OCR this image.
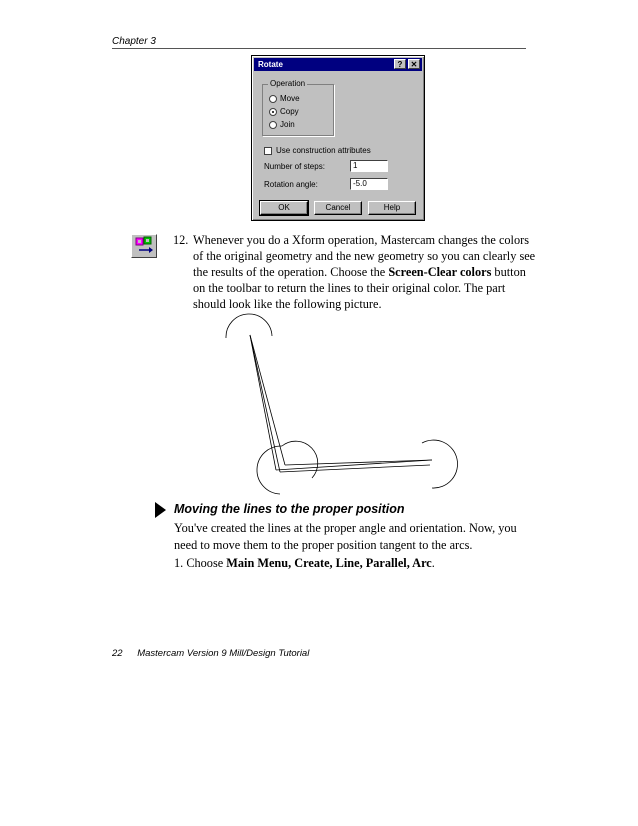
Chapter 3
Rotate	?	✕
Operation
Move
Copy
Join
Use construction attributes
Number of steps:	1
Rotation angle:	-5.0
OK	Cancel	Help
12. Whenever you do a Xform operation, Mastercam changes the colors of the original geometry and the new geometry so you can clearly see the results of the operation. Choose the Screen-Clear colors button on the toolbar to return the lines to their original color. The part should look like the following picture.
Moving the lines to the proper position
You've created the lines at the proper angle and orientation. Now, you need to move them to the proper position tangent to the arcs.
1. Choose Main Menu, Create, Line, Parallel, Arc.
22 Mastercam Version 9 Mill/Design Tutorial
